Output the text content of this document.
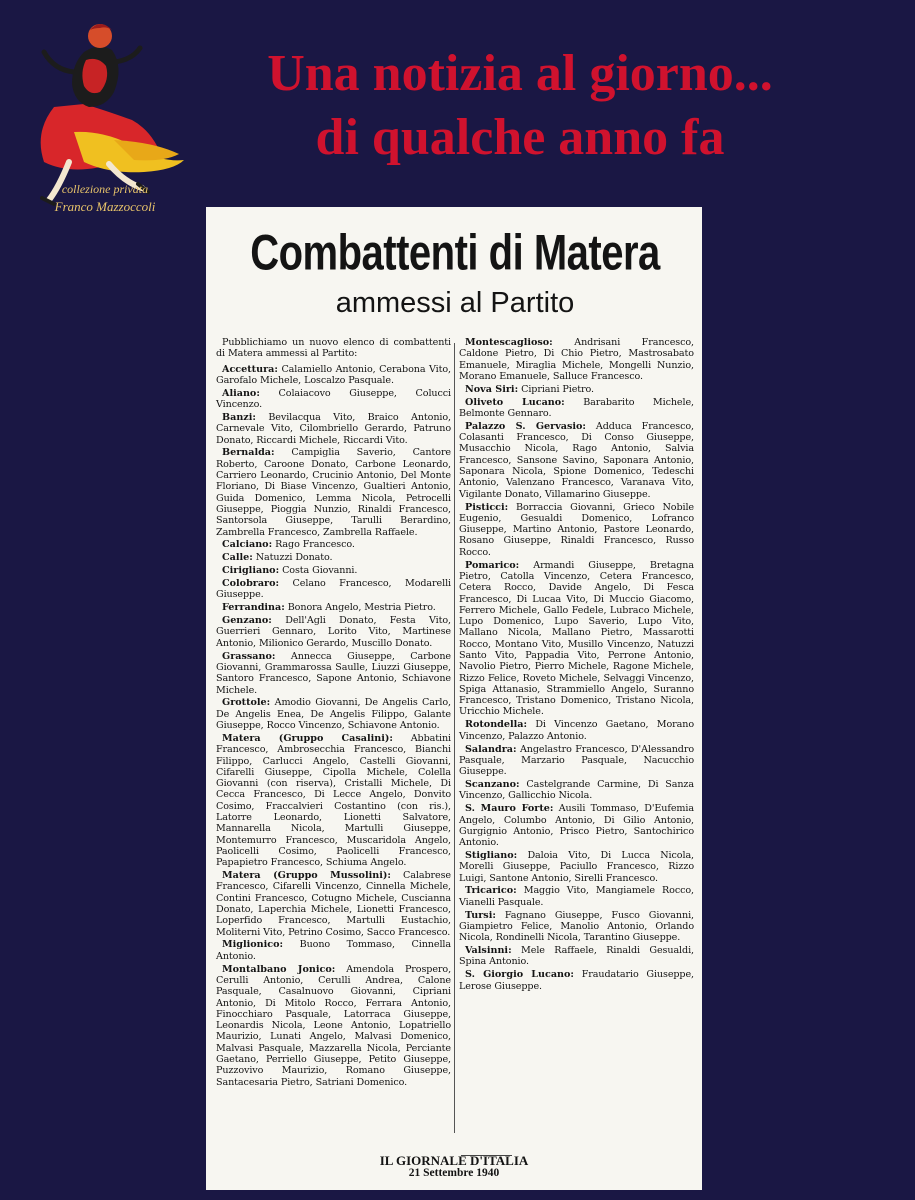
collezione privata
Franco Mazzoccoli
Una notizia al giorno...
di qualche anno fa
Combattenti di Matera
ammessi al Partito

Pubblichiamo un nuovo elenco di combattenti di Matera ammessi al Partito:

Accettura: Calamiello Antonio, Cerabona Vito, Garofalo Michele, Loscalzo Pasquale.

Aliano: Colaiacovo Giuseppe, Colucci Vincenzo.

Banzi: Bevilacqua Vito, Braico Antonio, Carnevale Vito, Cilombriello Gerardo, Patruno Donato, Riccardi Michele, Riccardi Vito.

Bernalda: Campiglia Saverio, Cantore Roberto, Caroone Donato, Carbone Leonardo, Carriero Leonardo, Crucinio Antonio, Del Monte Floriano, Di Biase Vincenzo, Gualtieri Antonio, Guida Domenico, Lemma Nicola, Petrocelli Giuseppe, Pioggia Nunzio, Rinaldi Francesco, Santorsola Giuseppe, Tarulli Berardino, Zambrella Francesco, Zambrella Raffaele.

Calciano: Rago Francesco.

Calle: Natuzzi Donato.

Cirigliano: Costa Giovanni.

Colobraro: Celano Francesco, Modarelli Giuseppe.

Ferrandina: Bonora Angelo, Mestria Pietro.

Genzano: Dell'Agli Donato, Festa Vito, Guerrieri Gennaro, Lorito Vito, Martinese Antonio, Milionico Gerardo, Muscillo Donato.

Grassano: Annecca Giuseppe, Carbone Giovanni, Grammarossa Saulle, Liuzzi Giuseppe, Santoro Francesco, Sapone Antonio, Schiavone Michele.

Grottole: Amodio Giovanni, De Angelis Carlo, De Angelis Enea, De Angelis Filippo, Galante Giuseppe, Rocco Vincenzo, Schiavone Antonio.

Matera (Gruppo Casalini): Abbatini Francesco, Ambrosecchia Francesco, Bianchi Filippo, Carlucci Angelo, Castelli Giovanni, Cifarelli Giuseppe, Cipolla Michele, Colella Giovanni (con riserva), Cristalli Michele, Di Cecca Francesco, Di Lecce Angelo, Donvito Cosimo, Fraccalvieri Costantino (con ris.), Latorre Leonardo, Lionetti Salvatore, Mannarella Nicola, Martulli Giuseppe, Montemurro Francesco, Muscaridola Angelo, Paolicelli Cosimo, Paolicelli Francesco, Papapietro Francesco, Schiuma Angelo.

Matera (Gruppo Mussolini): Calabrese Francesco, Cifarelli Vincenzo, Cinnella Michele, Contini Francesco, Cotugno Michele, Cuscianna Donato, Laperchia Michele, Lionetti Francesco, Loperfido Francesco, Martulli Eustachio, Moliterni Vito, Petrino Cosimo, Sacco Francesco.

Miglionico: Buono Tommaso, Cinnella Antonio.

Montalbano Jonico: Amendola Prospero, Cerulli Antonio, Cerulli Andrea, Calone Pasquale, Casalnuovo Giovanni, Cipriani Antonio, Di Mitolo Rocco, Ferrara Antonio, Finocchiaro Pasquale, Latorraca Giuseppe, Leonardis Nicola, Leone Antonio, Lopatriello Maurizio, Lunati Angelo, Malvasi Domenico, Malvasi Pasquale, Mazzarella Nicola, Perciante Gaetano, Perriello Giuseppe, Petito Giuseppe, Puzzovivo Maurizio, Romano Giuseppe, Santacesaria Pietro, Satriani Domenico.

Montescaglioso: Andrisani Francesco, Caldone Pietro, Di Chio Pietro, Mastrosabato Emanuele, Miraglia Michele, Mongelli Nunzio, Morano Emanuele, Salluce Francesco.

Nova Siri: Cipriani Pietro.

Oliveto Lucano: Barabarito Michele, Belmonte Gennaro.

Palazzo S. Gervasio: Adduca Francesco, Colasanti Francesco, Di Conso Giuseppe, Musacchio Nicola, Rago Antonio, Salvia Francesco, Sansone Savino, Saponara Antonio, Saponara Nicola, Spione Domenico, Tedeschi Antonio, Valenzano Francesco, Varanava Vito, Vigilante Donato, Villamarino Giuseppe.

Pisticci: Borraccia Giovanni, Grieco Nobile Eugenio, Gesualdi Domenico, Lofranco Giuseppe, Martino Antonio, Pastore Leonardo, Rosano Giuseppe, Rinaldi Francesco, Russo Rocco.

Pomarico: Armandi Giuseppe, Bretagna Pietro, Catolla Vincenzo, Cetera Francesco, Cetera Rocco, Davide Angelo, Di Fesca Francesco, Di Lucaa Vito, Di Muccio Giacomo, Ferrero Michele, Gallo Fedele, Lubraco Michele, Lupo Domenico, Lupo Saverio, Lupo Vito, Mallano Nicola, Mallano Pietro, Massarotti Rocco, Montano Vito, Musillo Vincenzo, Natuzzi Santo Vito, Pappadia Vito, Perrone Antonio, Navolio Pietro, Pierro Michele, Ragone Michele, Rizzo Felice, Roveto Michele, Selvaggi Vincenzo, Spiga Attanasio, Strammiello Angelo, Suranno Francesco, Tristano Domenico, Tristano Nicola, Uricchio Michele.

Rotondella: Di Vincenzo Gaetano, Morano Vincenzo, Palazzo Antonio.

Salandra: Angelastro Francesco, D'Alessandro Pasquale, Marzario Pasquale, Nacucchio Giuseppe.

Scanzano: Castelgrande Carmine, Di Sanza Vincenzo, Gallicchio Nicola.

S. Mauro Forte: Ausili Tommaso, D'Eufemia Angelo, Columbo Antonio, Di Gilio Antonio, Gurgignio Antonio, Prisco Pietro, Santochirico Antonio.

Stigliano: Daloia Vito, Di Lucca Nicola, Morelli Giuseppe, Paciullo Francesco, Rizzo Luigi, Santone Antonio, Sirelli Francesco.

Tricarico: Maggio Vito, Mangiamele Rocco, Vianelli Pasquale.

Tursi: Fagnano Giuseppe, Fusco Giovanni, Giampietro Felice, Manolio Antonio, Orlando Nicola, Rondinelli Nicola, Tarantino Giuseppe.

Valsinni: Mele Raffaele, Rinaldi Gesualdi, Spina Antonio.

S. Giorgio Lucano: Fraudatario Giuseppe, Lerose Giuseppe.

IL GIORNALE D'ITALIA
21 Settembre 1940
